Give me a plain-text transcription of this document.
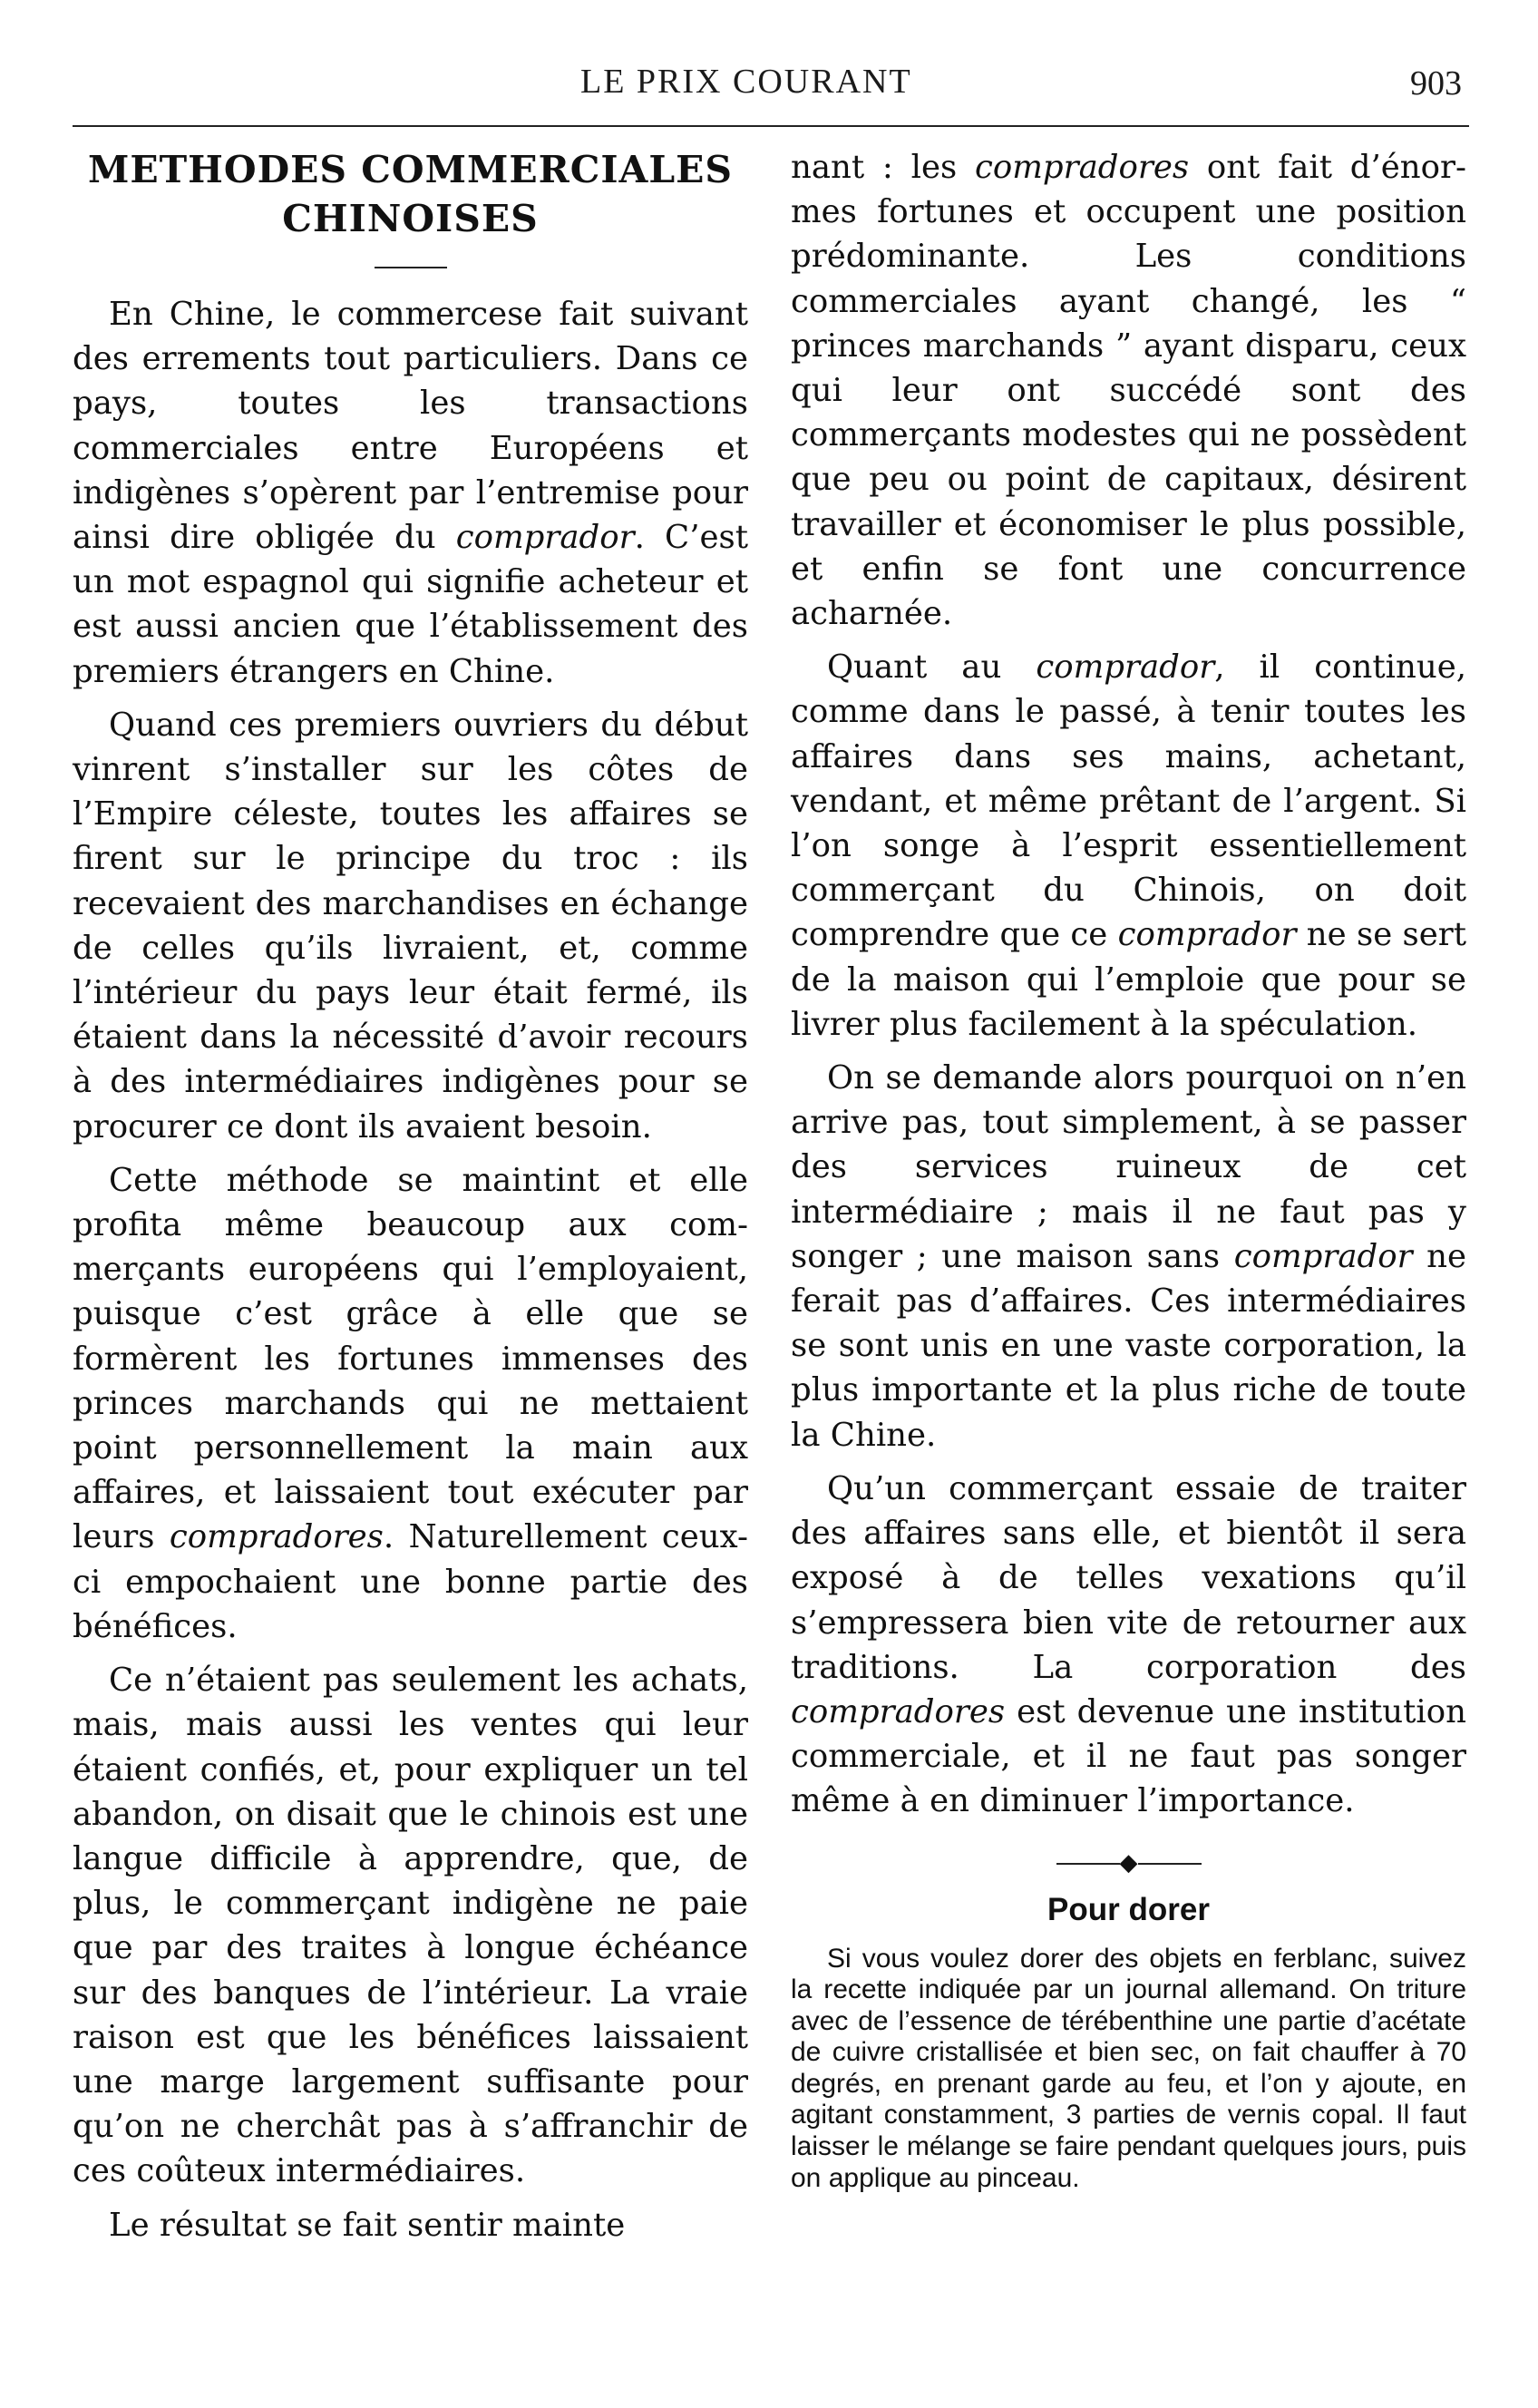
LE PRIX COURANT	903
METHODES COMMERCIALES
CHINOISES

En Chine, le commercese fait suivant des errements tout particuliers. Dans ce pays, toutes les transactions commerciales entre Européens et indigènes s’opèrent par l’entremise pour ainsi dire obligée du comprador. C’est un mot espagnol qui signifie acheteur et est aussi ancien que l’établissement des premiers étrangers en Chine.

Quand ces premiers ouvriers du début vinrent s’installer sur les côtes de l’Empire céleste, toutes les affaires se firent sur le principe du troc : ils recevaient des marchandises en échange de celles qu’ils livraient, et, comme l’intérieur du pays leur était fermé, ils étaient dans la nécessité d’avoir recours à des intermédiaires indigènes pour se procurer ce dont ils avaient besoin.

Cette méthode se maintint et elle profita même beaucoup aux commerçants européens qui l’employaient, puisque c’est grâce à elle que se formèrent les fortunes immenses des princes marchands qui ne mettaient point personnellement la main aux affaires, et laissaient tout exécuter par leurs compradores. Naturellement ceux-ci empochaient une bonne partie des bénéfices.

Ce n’étaient pas seulement les achats, mais, mais aussi les ventes qui leur étaient confiés, et, pour expliquer un tel abandon, on disait que le chinois est une langue difficile à apprendre, que, de plus, le commerçant indigène ne paie que par des traites à longue échéance sur des banques de l’intérieur. La vraie raison est que les bénéfices laissaient une marge largement suffisante pour qu’on ne cherchât pas à s’affranchir de ces coûteux intermédiaires.

Le résultat se fait sentir mainte

nant : les compradores ont fait d’énormes fortunes et occupent une position prédominante. Les conditions commerciales ayant changé, les “ princes marchands ” ayant disparu, ceux qui leur ont succédé sont des commerçants modestes qui ne possèdent que peu ou point de capitaux, désirent travailler et économiser le plus possible, et enfin se font une concurrence acharnée.

Quant au comprador, il continue, comme dans le passé, à tenir toutes les affaires dans ses mains, achetant, vendant, et même prêtant de l’argent. Si l’on songe à l’esprit essentiellement commerçant du Chinois, on doit comprendre que ce comprador ne se sert de la maison qui l’emploie que pour se livrer plus facilement à la spéculation.

On se demande alors pourquoi on n’en arrive pas, tout simplement, à se passer des services ruineux de cet intermédiaire ; mais il ne faut pas y songer ; une maison sans comprador ne ferait pas d’affaires. Ces intermédiaires se sont unis en une vaste corporation, la plus importante et la plus riche de toute la Chine.

Qu’un commerçant essaie de traiter des affaires sans elle, et bientôt il sera exposé à de telles vexations qu’il s’empressera bien vite de retourner aux traditions. La corporation des compradores est devenue une institution commerciale, et il ne faut pas songer même à en diminuer l’importance.

◆
Pour dorer

Si vous voulez dorer des objets en ferblanc, suivez la recette indiquée par un journal allemand. On triture avec de l’essence de térébenthine une partie d’acétate de cuivre cristallisée et bien sec, on fait chauffer à 70 degrés, en prenant garde au feu, et l’on y ajoute, en agitant constamment, 3 parties de vernis copal. Il faut laisser le mélange se faire pendant quelques jours, puis on applique au pinceau.
